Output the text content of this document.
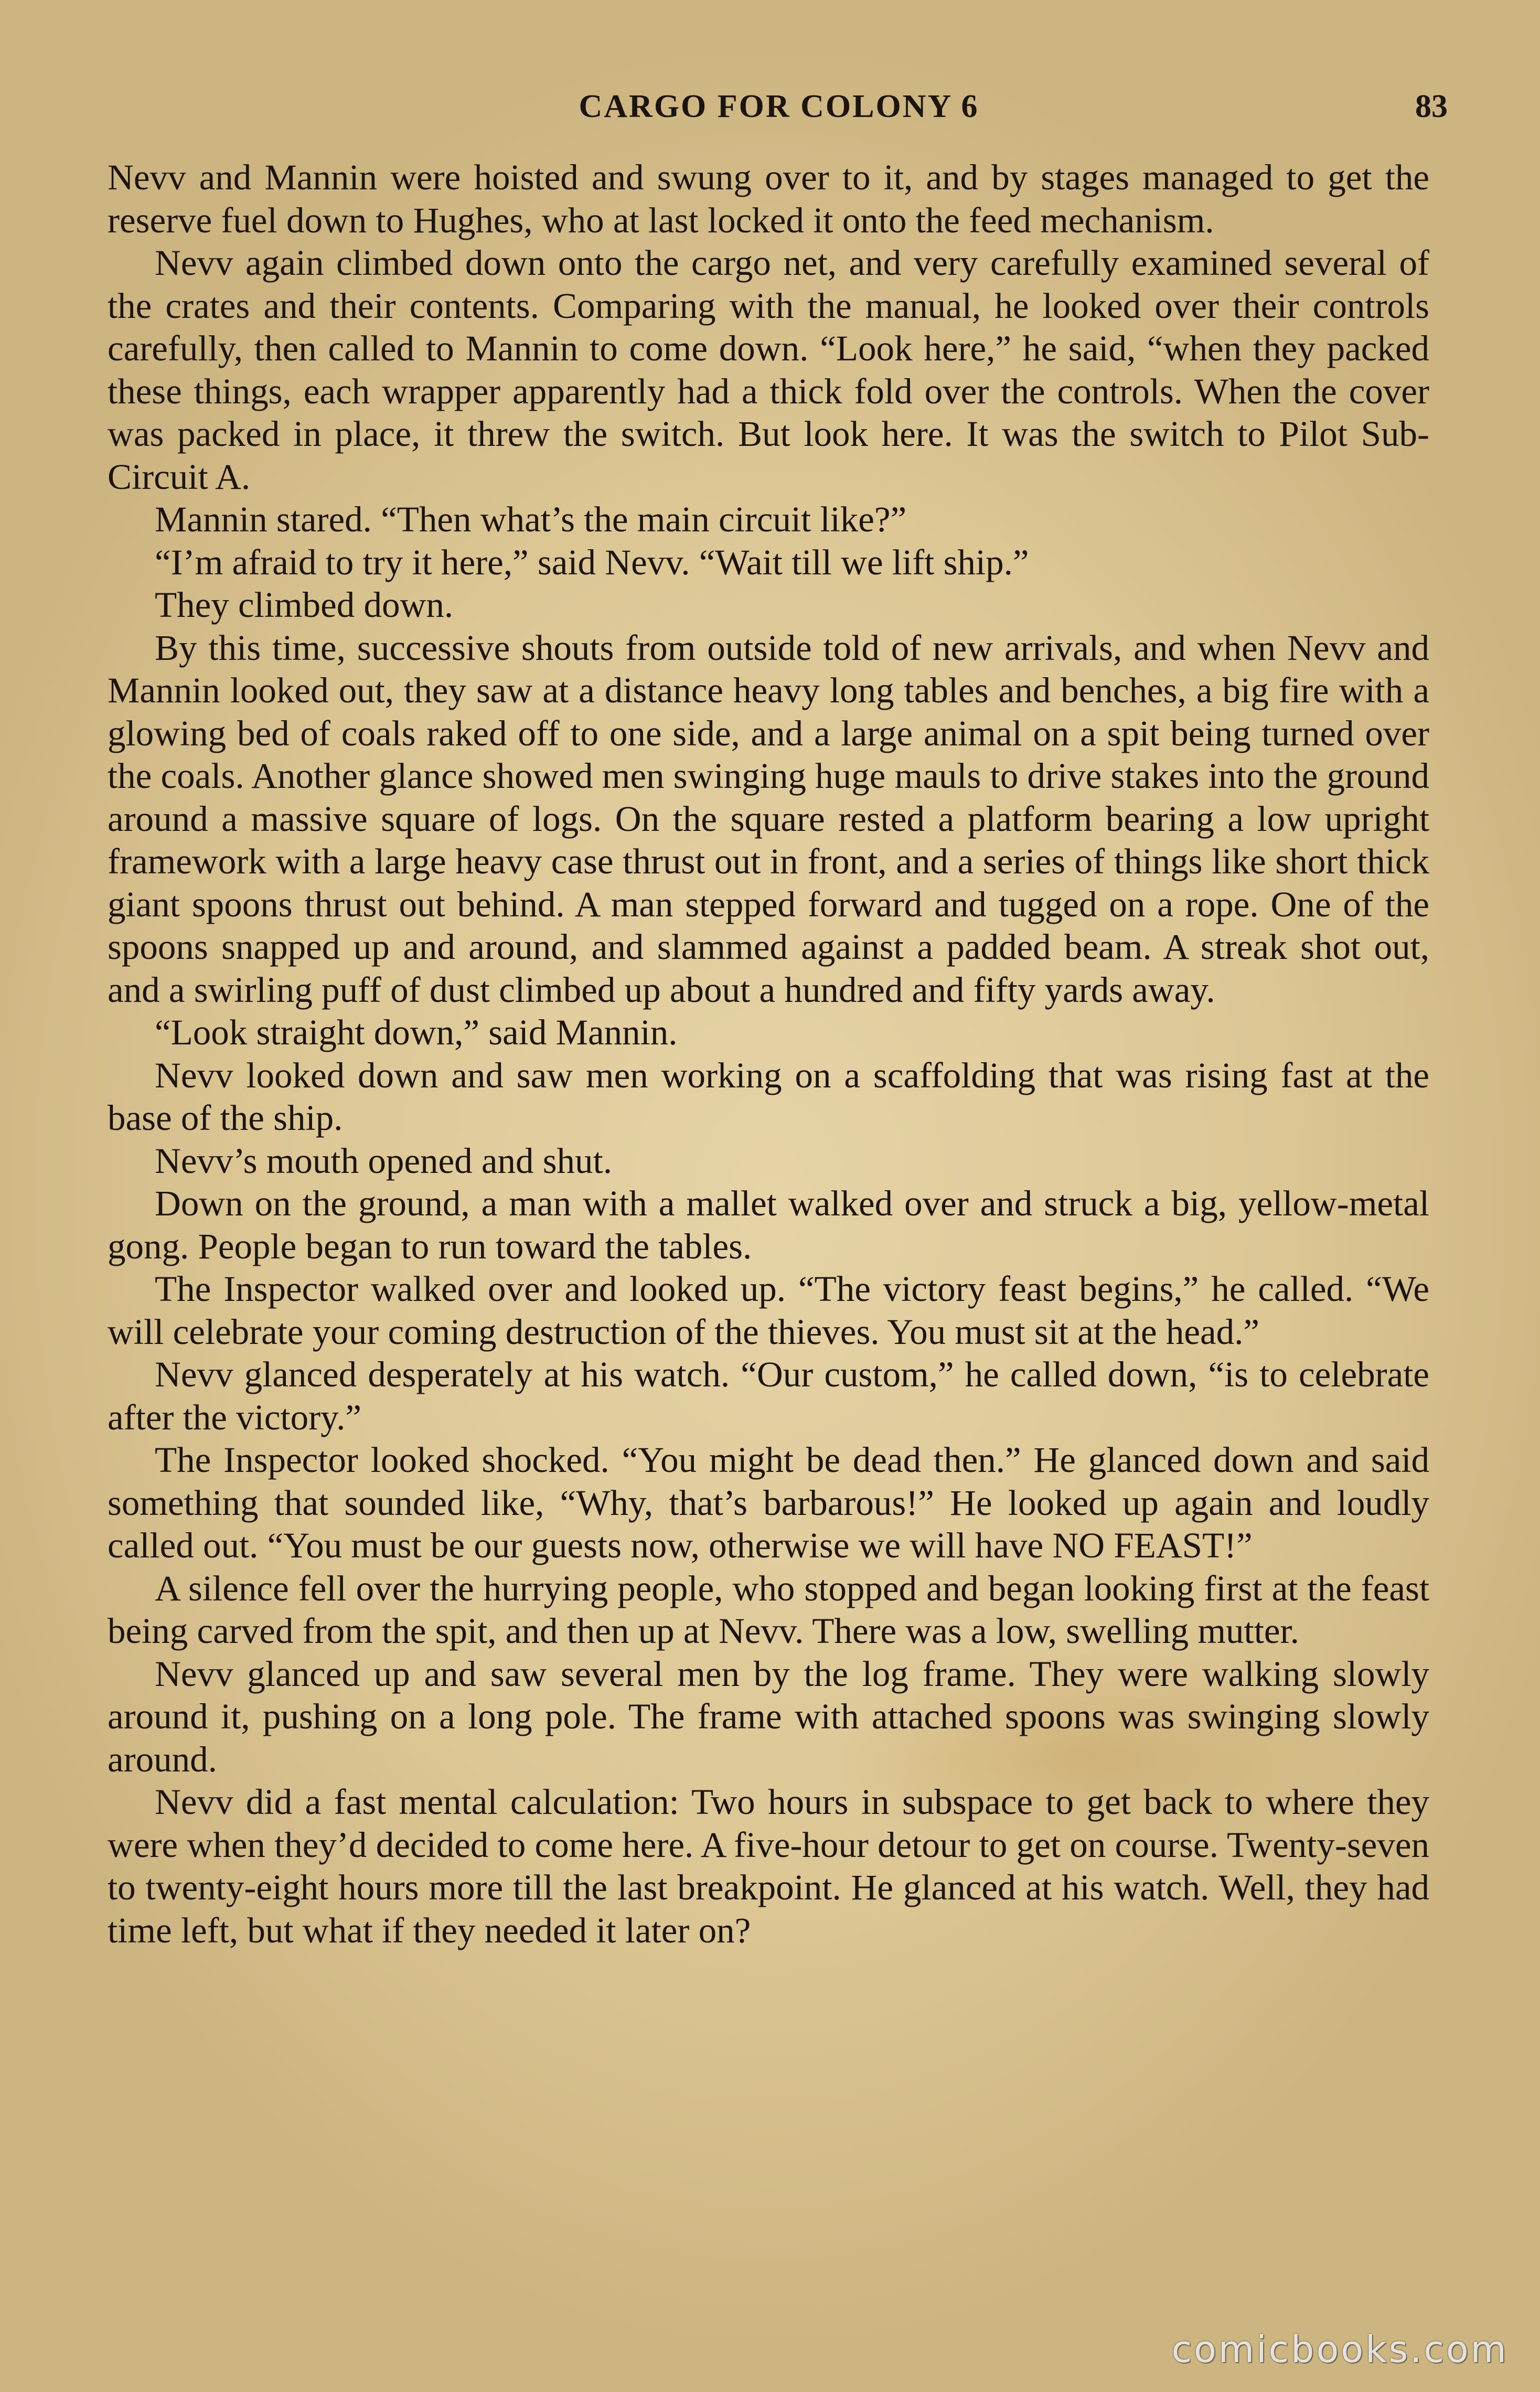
CARGO FOR COLONY 6	83

Nevv and Mannin were hoisted and swung over to it, and by stages managed to get the reserve fuel down to Hughes, who at last locked it onto the feed mechanism.

Nevv again climbed down onto the cargo net, and very carefully examined several of the crates and their contents. Comparing with the manual, he looked over their controls carefully, then called to Mannin to come down. “Look here,” he said, “when they packed these things, each wrapper apparently had a thick fold over the controls. When the cover was packed in place, it threw the switch. But look here. It was the switch to Pilot Sub-Circuit A.

Mannin stared. “Then what’s the main circuit like?”

“I’m afraid to try it here,” said Nevv. “Wait till we lift ship.”

They climbed down.

By this time, successive shouts from outside told of new arrivals, and when Nevv and Mannin looked out, they saw at a distance heavy long tables and benches, a big fire with a glowing bed of coals raked off to one side, and a large animal on a spit being turned over the coals. Another glance showed men swinging huge mauls to drive stakes into the ground around a massive square of logs. On the square rested a platform bearing a low upright framework with a large heavy case thrust out in front, and a series of things like short thick giant spoons thrust out behind. A man stepped forward and tugged on a rope. One of the spoons snapped up and around, and slammed against a padded beam. A streak shot out, and a swirling puff of dust climbed up about a hundred and fifty yards away.

“Look straight down,” said Mannin.

Nevv looked down and saw men working on a scaffolding that was rising fast at the base of the ship.

Nevv’s mouth opened and shut.

Down on the ground, a man with a mallet walked over and struck a big, yellow-metal gong. People began to run toward the tables.

The Inspector walked over and looked up. “The victory feast begins,” he called. “We will celebrate your coming destruction of the thieves. You must sit at the head.”

Nevv glanced desperately at his watch. “Our custom,” he called down, “is to celebrate after the victory.”

The Inspector looked shocked. “You might be dead then.” He glanced down and said something that sounded like, “Why, that’s barbarous!” He looked up again and loudly called out. “You must be our guests now, otherwise we will have NO FEAST!”

A silence fell over the hurrying people, who stopped and began looking first at the feast being carved from the spit, and then up at Nevv. There was a low, swelling mutter.

Nevv glanced up and saw several men by the log frame. They were walking slowly around it, pushing on a long pole. The frame with attached spoons was swinging slowly around.

Nevv did a fast mental calculation: Two hours in subspace to get back to where they were when they’d decided to come here. A five-hour detour to get on course. Twenty-seven to twenty-eight hours more till the last breakpoint. He glanced at his watch. Well, they had time left, but what if they needed it later on?

comicbooks.com
